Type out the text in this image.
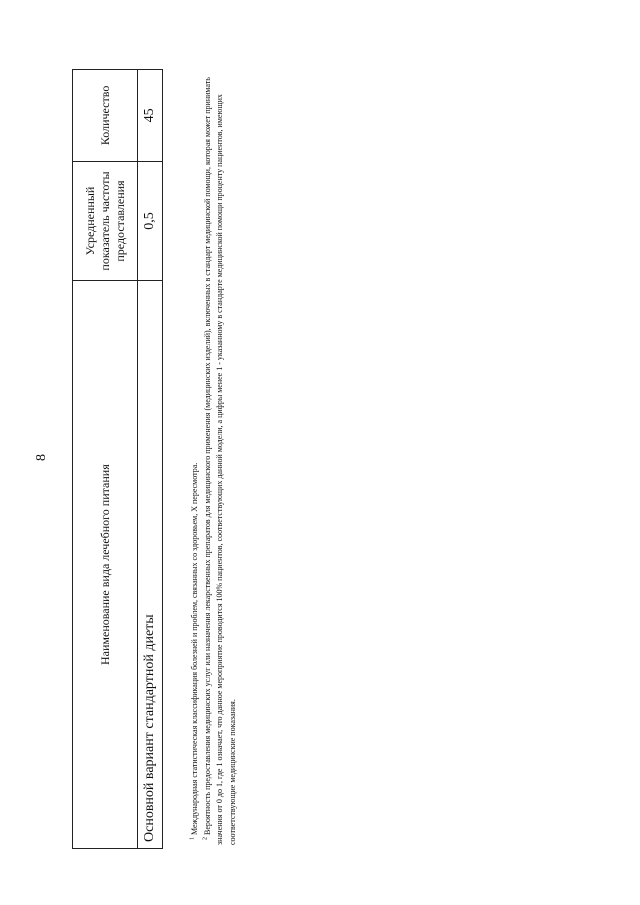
8
Наименование вида лечебного питания	Усредненный показатель частоты предоставления	Количество
Основной вариант стандартной диеты	0,5	45

$^1$ Международная статистическая классификация болезней и проблем, связанных со здоровьем, X пересмотра.

$^2$ Вероятность предоставления медицинских услуг или назначения лекарственных препаратов для медицинского применения (медицинских изделий), включенных в стандарт медицинской помощи, которая может принимать значения от 0 до 1, где 1 означает, что данное мероприятие проводится 100% пациентов, соответствующих данной модели, а цифры менее 1 - указанному в стандарте медицинской помощи проценту пациентов, имеющих соответствующие медицинские показания.
